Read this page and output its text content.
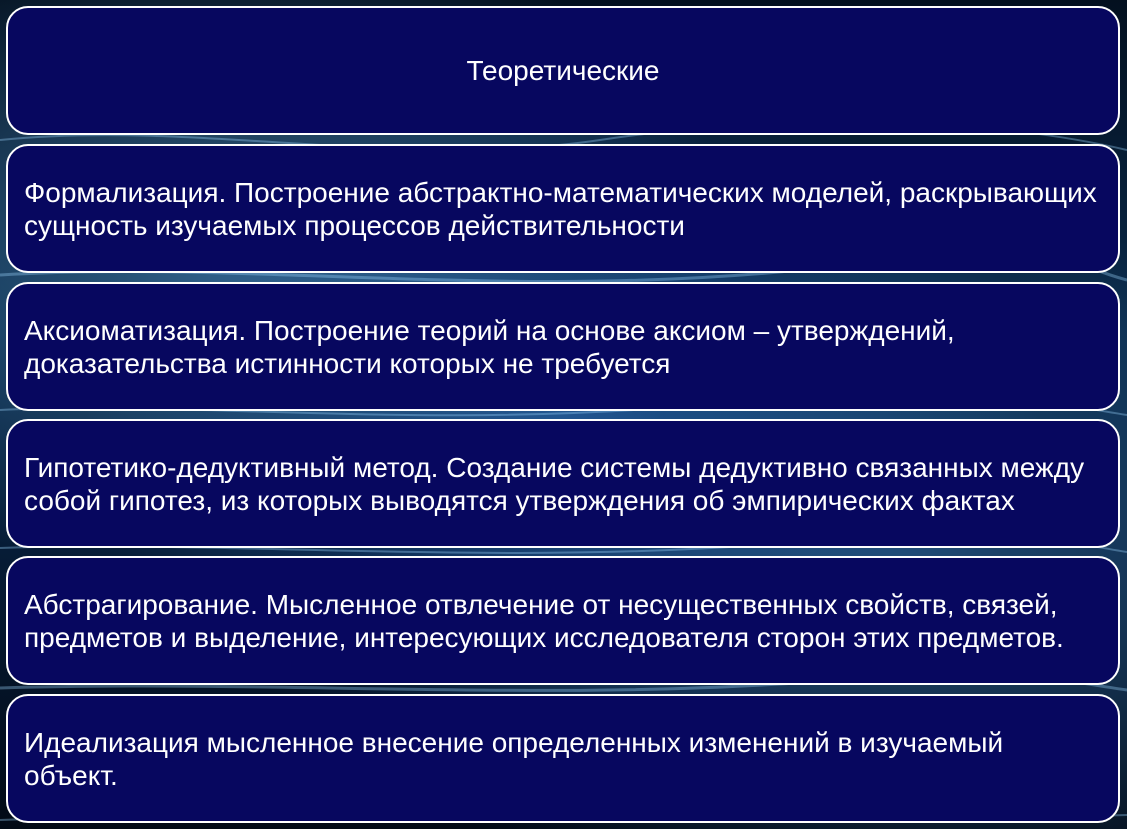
Теоретические
Формализация. Построение абстрактно-математических моделей, раскрывающих сущность изучаемых процессов действительности
Аксиоматизация. Построение теорий на основе аксиом – утверждений, доказательства истинности которых не требуется
Гипотетико-дедуктивный метод. Создание системы дедуктивно связанных между собой гипотез, из которых выводятся утверждения об эмпирических фактах
Абстрагирование. Мысленное отвлечение от несущественных свойств, связей, предметов и выделение, интересующих исследователя сторон этих предметов.
Идеализация мысленное внесение определенных изменений в изучаемый объект.
